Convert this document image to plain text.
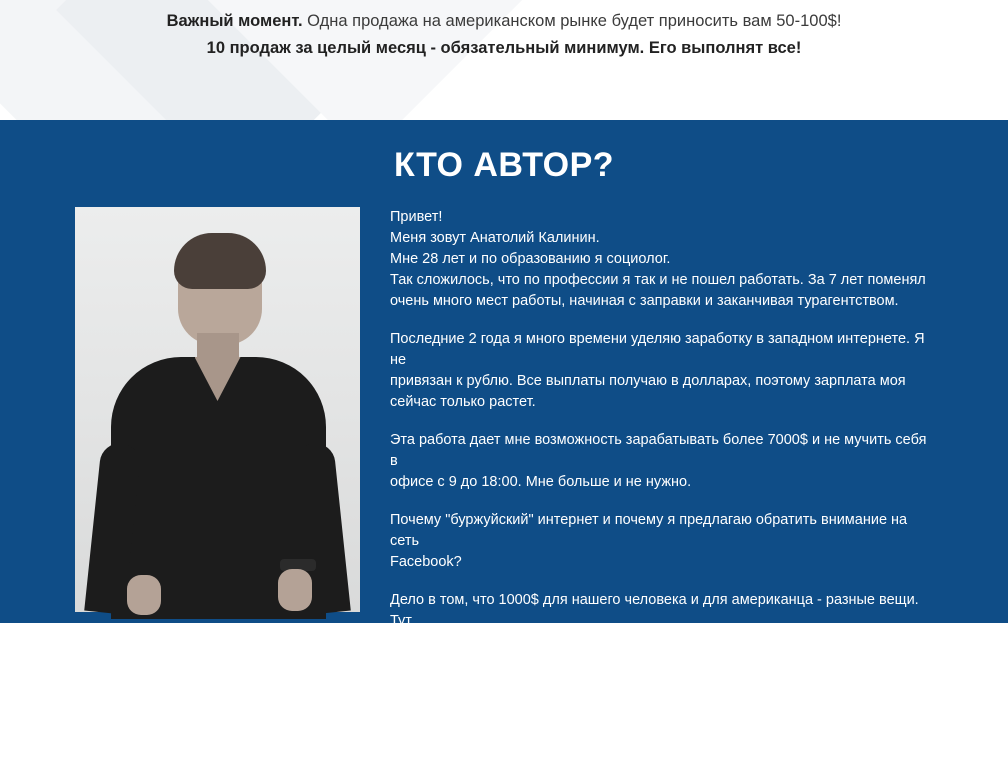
Важный момент. Одна продажа на американском рынке будет приносить вам 50-100$!
10 продаж за целый месяц - обязательный минимум. Его выполнят все!
КТО АВТОР?

Привет!
Меня зовут Анатолий Калинин.
Мне 28 лет и по образованию я социолог.
Так сложилось, что по профессии я так и не пошел работать. За 7 лет поменял
очень много мест работы, начиная с заправки и заканчивая турагентством.

Последние 2 года я много времени уделяю заработку в западном интернете. Я не
привязан к рублю. Все выплаты получаю в долларах, поэтому зарплата моя
сейчас только растет.

Эта работа дает мне возможность зарабатывать более 7000$ и не мучить себя в
офисе с 9 до 18:00. Мне больше и не нужно.

Почему "буржуйский" интернет и почему я предлагаю обратить внимание на сеть
Facebook?

Дело в том, что 1000$ для нашего человека и для американца - разные вещи. Тут
это очень неплохой доход, там же - простые официанты получают больше.

Американцы очень много тратят, у них такой смысл жизни, по правде говоря.
Почему нам с вами этим не воспользоваться?
Я научу вас зарабатывать на этом.
Я решил обучить только 50 человек, так как везде есть конкуренция.
Я не гонюсь за количеством. Чем меньше людей, тем лучше поддержка.
